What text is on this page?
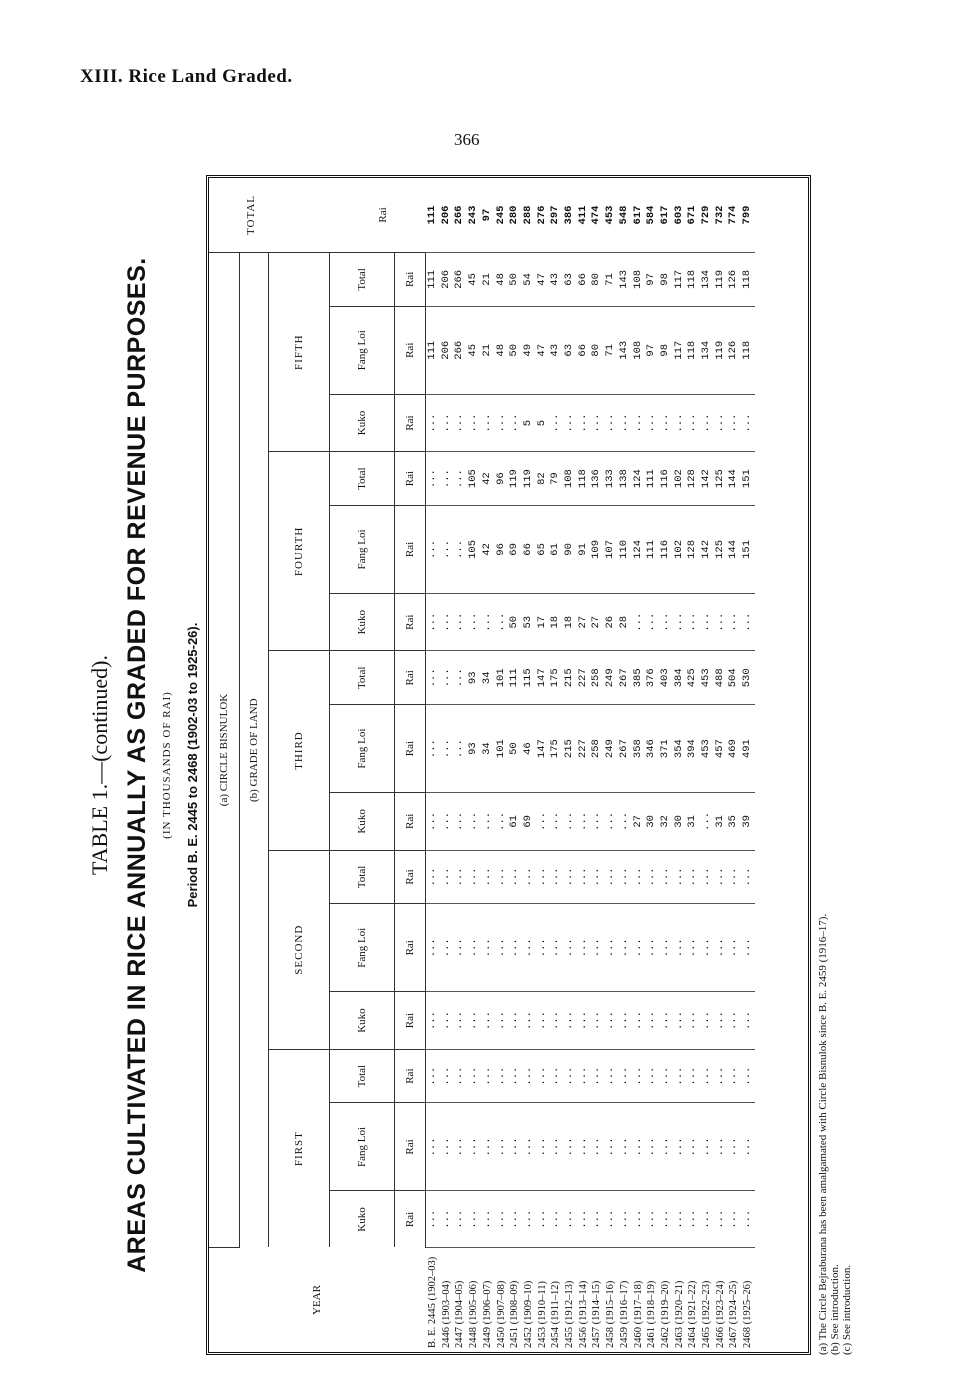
XIII. Rice Land Graded.
366
TABLE 1.—(continued). AREAS CULTIVATED IN RICE ANNUALLY AS GRADED FOR REVENUE PURPOSES. (IN THOUSANDS OF RAI) Period B. E. 2445 to 2468 (1902-03 to 1925-26).
YEAR	(a) CIRCLE BISNULOK															TOTAL Rai

	(b) GRADE OF LAND															
	FIRST			SECOND			THIRD			FOURTH			FIFTH			
	Kuko	Fang Loi	Total	Kuko	Fang Loi	Total	Kuko	Fang Loi	Total	Kuko	Fang Loi	Total	Kuko	Fang Loi	Total	
	Rai	Rai	Rai	Rai	Rai	Rai	Rai	Rai	Rai	Rai	Rai	Rai	Rai	Rai	Rai	
B. E. 2445 (1902–03)	...	...	...	...	...	...	...	...	...	...	...	...	...	111	111	111
2446 (1903–04)	...	...	...	...	...	...	...	...	...	...	...	...	...	206	206	206
2447 (1904–05)	...	...	...	...	...	...	...	...	...	...	...	...	...	266	266	266
2448 (1905–06)	...	...	...	...	...	...	...	93	93	...	105	105	...	45	45	243
2449 (1906–07)	...	...	...	...	...	...	...	34	34	...	42	42	...	21	21	97
2450 (1907–08)	...	...	...	...	...	...	...	101	101	...	96	96	...	48	48	245
2451 (1908–09)	...	...	...	...	...	...	61	50	111	50	69	119	...	50	50	280
2452 (1909–10)	...	...	...	...	...	...	69	46	115	53	66	119	5	49	54	288
2453 (1910–11)	...	...	...	...	...	...	...	147	147	17	65	82	5	47	47	276
2454 (1911–12)	...	...	...	...	...	...	...	175	175	18	61	79	...	43	43	297
2455 (1912–13)	...	...	...	...	...	...	...	215	215	18	90	108	...	63	63	386
2456 (1913–14)	...	...	...	...	...	...	...	227	227	27	91	118	...	66	66	411
2457 (1914–15)	...	...	...	...	...	...	...	258	258	27	109	136	...	80	80	474
2458 (1915–16)	...	...	...	...	...	...	...	249	249	26	107	133	...	71	71	453
2459 (1916–17)	...	...	...	...	...	...	...	267	267	28	110	138	...	143	143	548
2460 (1917–18)	...	...	...	...	...	...	27	358	385	...	124	124	...	108	108	617
2461 (1918–19)	...	...	...	...	...	...	30	346	376	...	111	111	...	97	97	584
2462 (1919–20)	...	...	...	...	...	...	32	371	403	...	116	116	...	98	98	617
2463 (1920–21)	...	...	...	...	...	...	30	354	384	...	102	102	...	117	117	603
2464 (1921–22)	...	...	...	...	...	...	31	394	425	...	128	128	...	118	118	671
2465 (1922–23)	...	...	...	...	...	...	...	453	453	...	142	142	...	134	134	729
2466 (1923–24)	...	...	...	...	...	...	31	457	488	...	125	125	...	119	119	732
2467 (1924–25)	...	...	...	...	...	...	35	469	504	...	144	144	...	126	126	774
2468 (1925–26)	...	...	...	...	...	...	39	491	530	...	151	151	...	118	118	799
(a) The Circle Bejraburana has been amalgamated with Circle Bisnulok since B. E. 2459 (1916–17). (b) See introduction. (c) See introduction.
